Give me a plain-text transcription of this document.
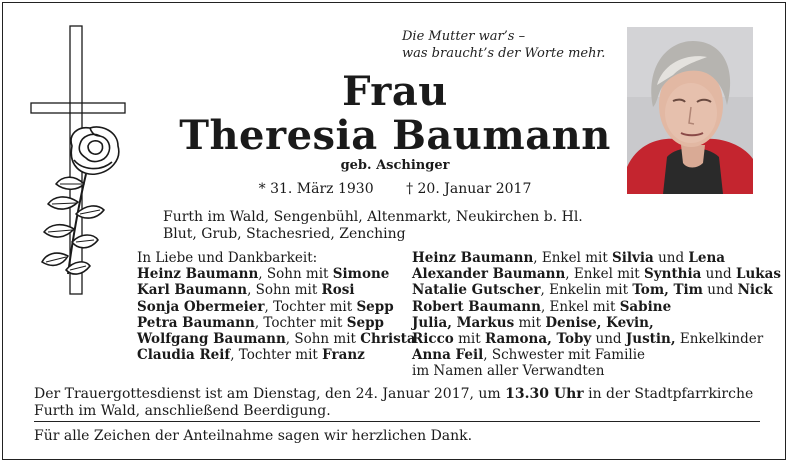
Die Mutter war’s –
was braucht’s der Worte mehr.
Frau
Theresia Baumann
geb. Aschinger
* 31. März 1930 † 20. Januar 2017
Furth im Wald, Sengenbühl, Altenmarkt, Neukirchen b. Hl. Blut, Grub, Stachesried, Zenching
In Liebe und Dankbarkeit:
Heinz Baumann, Sohn mit Simone
Karl Baumann, Sohn mit Rosi
Sonja Obermeier, Tochter mit Sepp
Petra Baumann, Tochter mit Sepp
Wolfgang Baumann, Sohn mit Christa
Claudia Reif, Tochter mit Franz
Heinz Baumann, Enkel mit Silvia und Lena
Alexander Baumann, Enkel mit Synthia und Lukas
Natalie Gutscher, Enkelin mit Tom, Tim und Nick
Robert Baumann, Enkel mit Sabine
Julia, Markus mit Denise, Kevin,
Ricco mit Ramona, Toby und Justin, Enkelkinder
Anna Feil, Schwester mit Familie
im Namen aller Verwandten
Der Trauergottesdienst ist am Dienstag, den 24. Januar 2017, um 13.30 Uhr in der Stadtpfarrkirche Furth im Wald, anschließend Beerdigung.
Für alle Zeichen der Anteilnahme sagen wir herzlichen Dank.
